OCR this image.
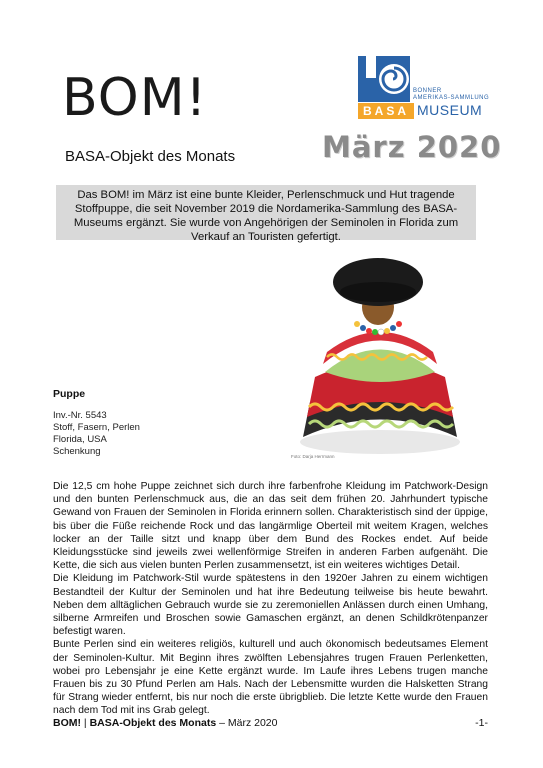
BOM!
BASA-Objekt des Monats
BONNER
AMERIKAS-SAMMLUNG
BASA MUSEUM
März 2020
Das BOM! im März ist eine bunte Kleider, Perlenschmuck und Hut tragende Stoffpuppe, die seit November 2019 die Nordamerika-Sammlung des BASA-Museums ergänzt. Sie wurde von Angehörigen der Seminolen in Florida zum Verkauf an Touristen gefertigt.
Foto: Darja Herrmann
Puppe
Inv.-Nr. 5543
Stoff, Fasern, Perlen
Florida, USA
Schenkung

Die 12,5 cm hohe Puppe zeichnet sich durch ihre farbenfrohe Kleidung im Patchwork-Design und den bunten Perlenschmuck aus, die an das seit dem frühen 20. Jahrhundert typische Gewand von Frauen der Seminolen in Florida erinnern sollen. Charakteristisch sind der üppige, bis über die Füße reichende Rock und das langärmlige Oberteil mit weitem Kragen, welches locker an der Taille sitzt und knapp über dem Bund des Rockes endet. Auf beide Kleidungsstücke sind jeweils zwei wellenförmige Streifen in anderen Farben aufgenäht. Die Kette, die sich aus vielen bunten Perlen zusammensetzt, ist ein weiteres wichtiges Detail.

Die Kleidung im Patchwork-Stil wurde spätestens in den 1920er Jahren zu einem wichtigen Bestandteil der Kultur der Seminolen und hat ihre Bedeutung teilweise bis heute bewahrt. Neben dem alltäglichen Gebrauch wurde sie zu zeremoniellen Anlässen durch einen Umhang, silberne Armreifen und Broschen sowie Gamaschen ergänzt, an denen Schildkrötenpanzer befestigt waren.

Bunte Perlen sind ein weiteres religiös, kulturell und auch ökonomisch bedeutsames Element der Seminolen-Kultur. Mit Beginn ihres zwölften Lebensjahres trugen Frauen Perlenketten, wobei pro Lebensjahr je eine Kette ergänzt wurde. Im Laufe ihres Lebens trugen manche Frauen bis zu 30 Pfund Perlen am Hals. Nach der Lebensmitte wurden die Halsketten Strang für Strang wieder entfernt, bis nur noch die erste übrigblieb. Die letzte Kette wurde den Frauen nach dem Tod mit ins Grab gelegt.

BOM! | BASA-Objekt des Monats – März 2020	-1-
